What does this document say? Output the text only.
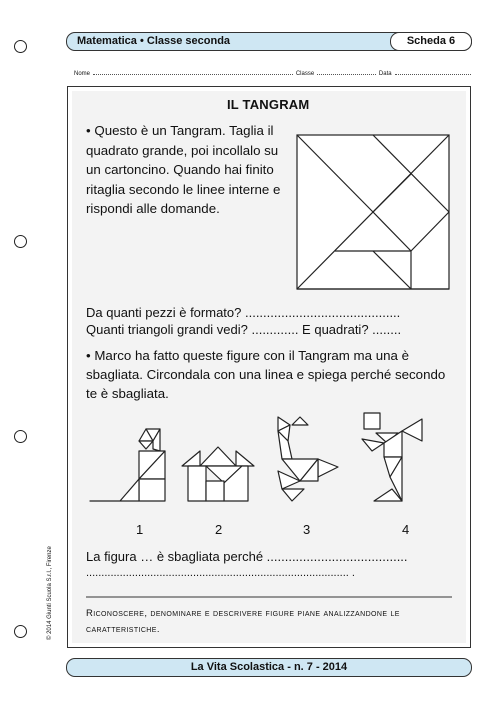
Matematica • Classe seconda	Scheda 6
Nome	Classe	Data
IL TANGRAM
• Questo è un Tangram. Taglia il quadrato grande, poi incollalo su un cartoncino. Quando hai finito ritaglia secondo le linee interne e rispondi alle domande.
Da quanti pezzi è formato? ...........................................
Quanti triangoli grandi vedi? ............. E quadrati? ........
• Marco ha fatto queste figure con il Tangram ma una è sbagliata. Circondala con una linea e spiega perché secondo te è sbagliata.
1	2	3	4
La figura … è sbagliata perché .......................................
...................................................................................... .
Riconoscere, denominare e descrivere figure piane analizzandone le caratteristiche.
© 2014 Giunti Scuola S.r.l., Firenze
La Vita Scolastica - n. 7 - 2014
